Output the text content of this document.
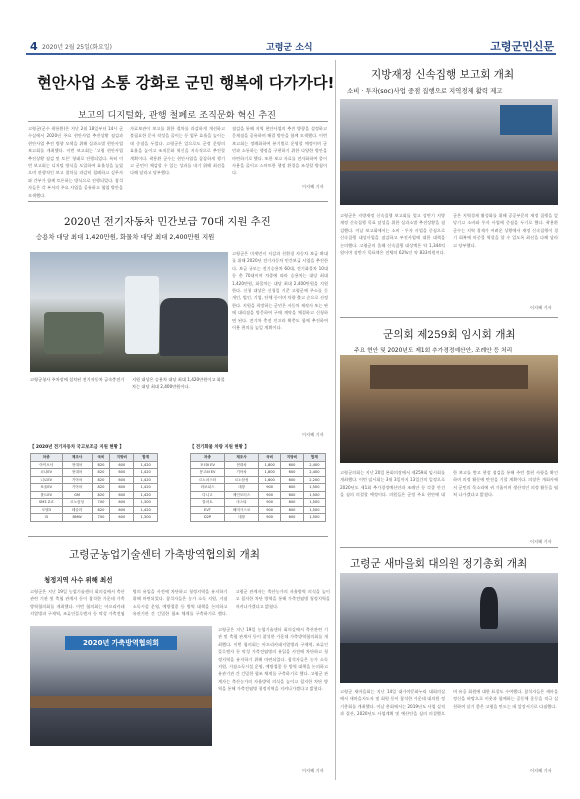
4 2020년 2월 25일(화요일)	고령군 소식	고령군민신문
현안사업 소통 강화로 군민 행복에 다가가다!
보고의 디지털화, 관행 철폐로 조직문화 혁신 추진
고령군(군수 곽용환)은 지난 2월 18일부터 14시 군수실에서 2020년 주요 현안사업 추진상황 점검과 현안사업 추진 방향 모색을 위해 실과소별 현안사업 보고회를 개최했다. 이번 보고회는 '고령 현안사업 추진상황 점검 및 토론' 형태로 진행되었다. 특히 이번 보고회는 디지털 방식을 도입하여 효율성을 높였으며 관행적인 보고 절차를 과감히 철폐하고 실무자와 간부가 함께 토론하는 방식으로 진행되었다. 참석자들은 각 부서의 주요 사업을 공유하고 협업 방안을 모색했다.
자료보관이 보고를 위한 절차를 과감하게 개선하고 불필요한 문서 작성을 줄이는 등 업무 효율을 높이는 데 중점을 두었다. 고령군은 앞으로도 군정 운영의 효율을 높이고 조직문화 혁신을 지속적으로 추진할 계획이다. 곽용환 군수는 현안사업을 꼼꼼하게 챙기고 군민이 체감할 수 있는 성과를 내기 위해 최선을 다해 달라고 당부했다.
점검을 통해 지역 현안사업의 추진 방향을 설정하고 문제점을 공유하며 해결 방안을 함께 모색했다. 이번 보고회는 정례화하여 분기별로 운영할 예정이며 군민과 소통하는 행정을 구현하기 위한 다양한 방안을 마련하기로 했다. 또한 보고 자료를 전자화하여 종이 사용을 줄이고 스마트한 행정 환경을 조성할 방침이다.
이지혜 기자
2020년 전기자동차 민간보급 70대 지원 추진
승용차 대당 최대 1,420만원, 화물차 대당 최대 2,400만원 지원
고령군은 미세먼지 저감과 친환경 자동차 보급 확대를 위해 2020년 전기자동차 민간보급 사업을 추진한다. 보급 규모는 전기승용차 60대, 전기화물차 10대 등 총 70대이며 차종에 따라 승용차는 대당 최대 1,420만원, 화물차는 대당 최대 2,400만원을 지원한다. 신청 대상은 신청일 기준 고령군에 주소를 둔 개인, 법인, 기업, 단체 등이며 차량 출고 순으로 선정한다. 지원을 희망하는 군민은 자동차 제작사 또는 판매 대리점을 방문하여 구매 계약을 체결하고 신청하면 된다. 전기차 충전 인프라 확충도 함께 추진하여 이용 편의를 높일 계획이다.
고령군청사 주차장에 설치된 전기자동차 급속충전기 지원 대상은 승용차 대당 최대 1,420만원이고 화물차는 대당 최대 2,400만원이다.
이지혜 기자
【 2020년 전기자동차 국고보조금 지원 현황 】
차종	제조사	국비	지방비	합계
아이오닉	현대차	820	600	1,420
코나EV	현대차	820	600	1,420
니로EV	기아차	820	600	1,420
쏘울EV	기아차	820	600	1,420
볼트EV	GM	820	600	1,420
SM3 Z.E	르노삼성	700	600	1,300
모델3	테슬라	820	600	1,420
i3	BMW	700	600	1,300
【 전기화물 차량 지원 현황 】
차종	제조사	국비	지방비	합계
포터II EV	현대차	1,800	600	2,400
봉고III EV	기아차	1,800	600	2,400
르노마스터	르노삼성	1,600	600	2,200
라보피스	대창	900	600	1,500
다니고	제인모터스	900	600	1,500
칼마토	마스타	900	600	1,500
EVT	쎄미시스코	900	600	1,500
D2P	대창	900	600	1,500
고령군농업기술센터 가축방역협의회 개최
청정지역 사수 위해 최선
고령군은 지난 19일 농업기술센터 회의실에서 축산관련 기관 및 축협 관계자 등이 참석한 가운데 가축방역협의회를 개최했다. 이번 협의회는 아프리카돼지열병과 구제역, 조류인플루엔자 등 악성 가축전염병의 유입을 사전에 차단하고 청정지역을 유지하기 위해 마련되었다. 참석자들은 농가 소독 지원, 거점소독시설 운영, 예방접종 등 방역 대책을 논의하고 유관기관 간 긴밀한 협조 체계를 구축하기로 했다. 고령군 관계자는 축산농가의 자율방역 의식을 높이고 철저한 차단 방역을 통해 가축전염병 청정지역을 지켜나가겠다고 밝혔다.
2020년 가축방역협의회
고령군은 지난 19일 농업기술센터 회의실에서 축산관련 기관 및 축협 관계자 등이 참석한 가운데 가축방역협의회를 개최했다. 이번 협의회는 아프리카돼지열병과 구제역, 조류인플루엔자 등 악성 가축전염병의 유입을 사전에 차단하고 청정지역을 유지하기 위해 마련되었다. 참석자들은 농가 소독 지원, 거점소독시설 운영, 예방접종 등 방역 대책을 논의하고 유관기관 간 긴밀한 협조 체계를 구축하기로 했다. 고령군 관계자는 축산농가의 자율방역 의식을 높이고 철저한 차단 방역을 통해 가축전염병 청정지역을 지켜나가겠다고 밝혔다.
이지혜 기자
지방재정 신속집행 보고회 개최
소비 · 투자(soc)사업 중점 집행으로 지역경제 활력 제고
고령군은 지방재정 신속집행 보고회를 열고 상반기 지방재정 신속집행 목표 달성을 위한 실과소별 추진상황을 점검했다. 이날 보고회에서는 소비 · 투자 사업을 중심으로 신속집행 대상사업을 점검하고 부진사업에 대한 대책을 논의했다. 고령군의 올해 신속집행 대상액은 약 1,344억원이며 상반기 목표액은 전체의 62%인 약 833억원이다. 군은 지역경제 활성화를 위해 공공부문의 재정 집행을 앞당기고 소비와 투자 사업에 중점을 두기로 했다. 곽용환 군수는 지역 경제가 어려운 상황에서 재정 신속집행이 경기 회복에 마중물 역할을 할 수 있도록 최선을 다해 달라고 당부했다.
이지혜 기자
군의회 제259회 임시회 개최
주요 현안 및 2020년도 제1회 추가경정예산안, 조례안 등 처리
고령군의회는 지난 20일 본회의장에서 제259회 임시회를 개최했다. 이번 임시회는 3월 3일까지 13일간의 일정으로 2020년도 제1회 추가경정예산안과 조례안 등 각종 안건을 심의 의결할 예정이다. 의원들은 군정 주요 현안에 대한 보고를 받고 현장 점검을 통해 주민 불편 사항을 확인하며 의정 활동에 만전을 기할 계획이다. 의장은 개회사에서 군민의 목소리에 귀 기울이며 생산적인 의정 활동을 펼쳐 나가겠다고 밝혔다.
이지혜 기자
고령군 새마을회 대의원 정기총회 개최
고령군 새마을회는 지난 14일 대가야문화누리 대회의실에서 새마을지도자 및 회원 등이 참석한 가운데 대의원 정기총회를 개최했다. 이날 총회에서는 2019년도 사업 실적과 결산, 2020년도 사업계획 및 예산안을 심의 의결했으며 유공 회원에 대한 표창도 수여했다. 참석자들은 새마을 정신을 바탕으로 이웃과 함께하는 공동체 운동을 적극 실천하여 살기 좋은 고령을 만드는 데 앞장서기로 다짐했다.
이지혜 기자
